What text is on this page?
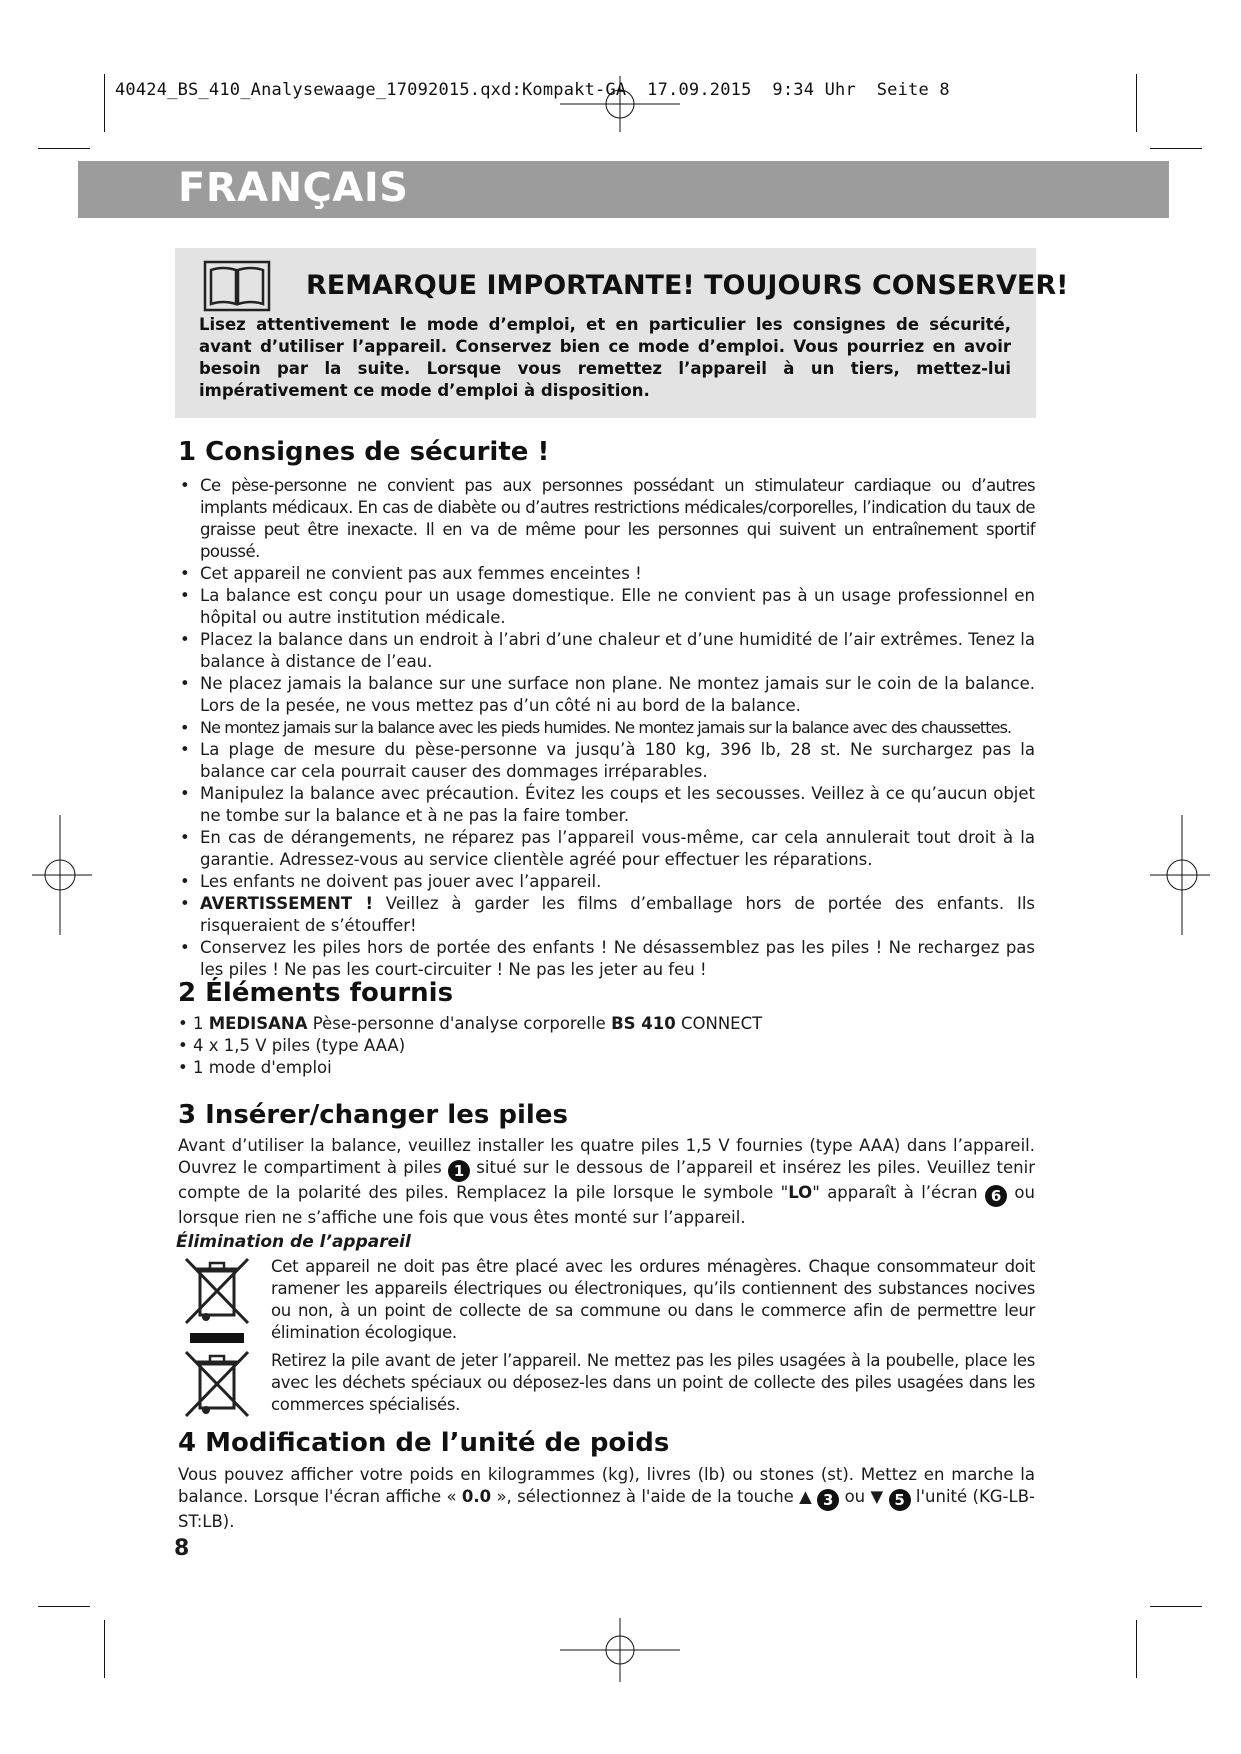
40424_BS_410_Analysewaage_17092015.qxd:Kompakt-GA  17.09.2015  9:34 Uhr  Seite 8
FRANÇAIS
REMARQUE IMPORTANTE! TOUJOURS CONSERVER!
Lisez attentivement le mode d’emploi, et en particulier les consignes de sécurité, avant d’utiliser l’appareil. Conservez bien ce mode d’emploi. Vous pourriez en avoir besoin par la suite. Lorsque vous remettez l’appareil à un tiers, mettez-lui impérativement ce mode d’emploi à disposition.
1 Consignes de sécurite !
• Ce pèse-personne ne convient pas aux personnes possédant un stimulateur cardiaque ou d’autres implants médicaux. En cas de diabète ou d’autres restrictions médicales/corporelles, l’indication du taux de graisse peut être inexacte. Il en va de même pour les personnes qui suivent un entraînement sportif poussé.
• Cet appareil ne convient pas aux femmes enceintes !
• La balance est conçu pour un usage domestique. Elle ne convient pas à un usage professionnel en hôpital ou autre institution médicale.
• Placez la balance dans un endroit à l’abri d’une chaleur et d’une humidité de l’air extrêmes. Tenez la balance à distance de l’eau.
• Ne placez jamais la balance sur une surface non plane. Ne montez jamais sur le coin de la balance. Lors de la pesée, ne vous mettez pas d’un côté ni au bord de la balance.
• Ne montez jamais sur la balance avec les pieds humides. Ne montez jamais sur la balance avec des chaussettes.
• La plage de mesure du pèse-personne va jusqu’à 180 kg, 396 lb, 28 st. Ne surchargez pas la balance car cela pourrait causer des dommages irréparables.
• Manipulez la balance avec précaution. Évitez les coups et les secousses. Veillez à ce qu’aucun objet ne tombe sur la balance et à ne pas la faire tomber.
• En cas de dérangements, ne réparez pas l’appareil vous-même, car cela annulerait tout droit à la garantie. Adressez-vous au service clientèle agréé pour effectuer les réparations.
• Les enfants ne doivent pas jouer avec l’appareil.
• AVERTISSEMENT ! Veillez à garder les films d’emballage hors de portée des enfants. Ils risqueraient de s’étouffer!
• Conservez les piles hors de portée des enfants ! Ne désassemblez pas les piles ! Ne rechargez pas les piles ! Ne pas les court-circuiter ! Ne pas les jeter au feu !
2 Éléments fournis
• 1 MEDISANA Pèse-personne d'analyse corporelle BS 410 CONNECT
• 4 x 1,5 V piles (type AAA)
• 1 mode d'emploi
3 Insérer/changer les piles
Avant d’utiliser la balance, veuillez installer les quatre piles 1,5 V fournies (type AAA) dans l’appareil. Ouvrez le compartiment à piles 1 situé sur le dessous de l’appareil et insérez les piles. Veuillez tenir compte de la polarité des piles. Remplacez la pile lorsque le symbole "LO" apparaît à l’écran 6 ou lorsque rien ne s’affiche une fois que vous êtes monté sur l’appareil.
Élimination de l’appareil
Cet appareil ne doit pas être placé avec les ordures ménagères. Chaque consommateur doit ramener les appareils électriques ou électroniques, qu’ils contiennent des substances nocives ou non, à un point de collecte de sa commune ou dans le commerce afin de permettre leur élimination écologique.
Retirez la pile avant de jeter l’appareil. Ne mettez pas les piles usagées à la poubelle, place les avec les déchets spéciaux ou déposez-les dans un point de collecte des piles usagées dans les commerces spécialisés.
4 Modification de l’unité de poids
Vous pouvez afficher votre poids en kilogrammes (kg), livres (lb) ou stones (st). Mettez en marche la balance. Lorsque l'écran affiche « 0.0 », sélectionnez à l'aide de la touche ▲ 3 ou ▼ 5 l'unité (KG-LB-ST:LB).
8
